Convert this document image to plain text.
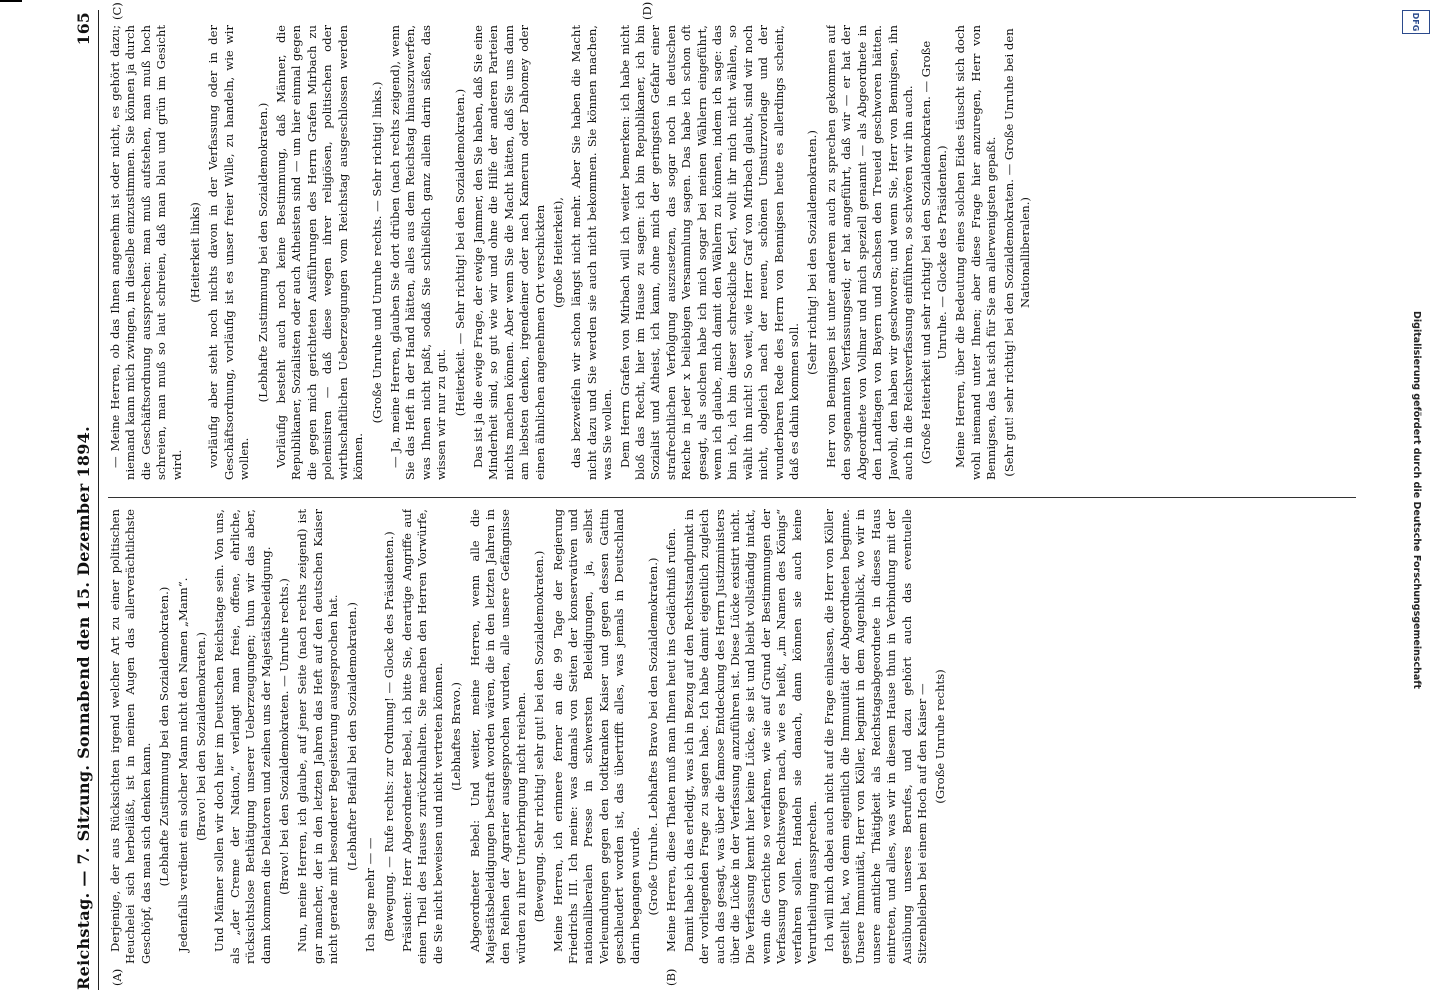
Reichstag. — 7. Sitzung. Sonnabend den 15. Dezember 1894.
165
(A)	(B)
(C)	(D)

Derjenige, der aus Rücksichten irgend welcher Art zu einer politischen Heuchelei sich herbeiläßt, ist in meinen Augen das allerverächtlichste Geschöpf, das man sich denken kann. (Lebhafte Zustimmung bei den Sozialdemokraten.) Jedenfalls verdient ein solcher Mann nicht den Namen „Mann“. (Bravo! bei den Sozialdemokraten.) Und Männer sollen wir doch hier im Deutschen Reichstage sein. Von uns, als „der Creme der Nation,“ verlangt man freie, offene, ehrliche, rücksichtslose Bethätigung unserer Ueberzeugungen; thun wir das aber, dann kommen die Delatoren und zeihen uns der Majestätsbeleidigung. (Bravo! bei den Sozialdemokraten. — Unruhe rechts.) Nun, meine Herren, ich glaube, auf jener Seite (nach rechts zeigend) ist gar mancher, der in den letzten Jahren das Heft auf den deutschen Kaiser nicht gerade mit besonderer Begeisterung ausgesprochen hat. (Lebhafter Beifall bei den Sozialdemokraten.)

Ich sage mehr — — (Bewegung. — Rufe rechts: zur Ordnung! — Glocke des Präsidenten.) Präsident: Herr Abgeordneter Bebel, ich bitte Sie, derartige Angriffe auf einen Theil des Hauses zurückzuhalten. Sie machen den Herren Vorwürfe, die Sie nicht beweisen und nicht vertreten können. (Lebhaftes Bravo.) Abgeordneter Bebel: Und weiter, meine Herren, wenn alle die Majestätsbeleidigungen bestraft worden wären, die in den letzten Jahren in den Reihen der Agrarier ausgesprochen wurden, alle unsere Gefängnisse würden zu ihrer Unterbringung nicht reichen. (Bewegung. Sehr richtig! sehr gut! bei den Sozialdemokraten.) Meine Herren, ich erinnere ferner an die 99 Tage der Regierung Friedrichs III. Ich meine: was damals von Seiten der konservativen und nationalliberalen Presse in schwersten Beleidigungen, ja, selbst Verleumdungen gegen den todtkranken Kaiser und gegen dessen Gattin geschleudert worden ist, das übertrifft alles, was jemals in Deutschland darin begangen wurde. (Große Unruhe. Lebhaftes Bravo bei den Sozialdemokraten.) Meine Herren, diese Thaten muß man Ihnen heut ins Gedächtniß rufen. Damit habe ich das erledigt, was ich in Bezug auf den Rechtsstandpunkt in der vorliegenden Frage zu sagen habe. Ich habe damit eigentlich zugleich auch das gesagt, was über die famose Entdeckung des Herrn Justizministers über die Lücke in der Verfassung anzuführen ist. Diese Lücke existirt nicht. Die Verfassung kennt hier keine Lücke, sie ist und bleibt vollständig intakt, wenn die Gerichte so verfahren, wie sie auf Grund der Bestimmungen der Verfassung von Rechtswegen nach, wie es heißt, „im Namen des Königs“ verfahren sollen. Handeln sie danach, dann können sie auch keine Verurtheilung aussprechen. Ich will mich dabei auch nicht auf die Frage einlassen, die Herr von Köller gestellt hat, wo denn eigentlich die Immunität der Abgeordneten beginne. Unsere Immunität, Herr von Köller, beginnt in dem Augenblick, wo wir in unsere amtliche Thätigkeit als Reichstagsabgeordnete in dieses Haus eintreten, und alles, was wir in diesem Hause thun in Verbindung mit der Ausübung unseres Berufes, und dazu gehört auch das eventuelle Sitzenbleiben bei einem Hoch auf den Kaiser — (Große Unruhe rechts)

— Meine Herren, ob das Ihnen angenehm ist oder nicht, es gehört dazu; niemand kann mich zwingen, in dieselbe einzustimmen. Sie können ja durch die Geschäftsordnung aussprechen: man muß aufstehen, man muß hoch schreien, man muß so laut schreien, daß man blau und grün im Gesicht wird.

(Heiterkeit links) vorläufig aber steht noch nichts davon in der Verfassung oder in der Geschäftsordnung, vorläufig ist es unser freier Wille, zu handeln, wie wir wollen.

(Lebhafte Zustimmung bei den Sozialdemokraten.) Vorläufig besteht auch noch keine Bestimmung, daß Männer, die Republikaner, Sozialisten oder auch Atheisten sind — um hier einmal gegen die gegen mich gerichteten Ausführungen des Herrn Grafen Mirbach zu polemisiren — daß diese wegen ihrer religiösen, politischen oder wirthschaftlichen Ueberzeugungen vom Reichstag ausgeschlossen werden können.

(Große Unruhe und Unruhe rechts. — Sehr richtig! links.) — Ja, meine Herren, glauben Sie dort drüben (nach rechts zeigend), wenn Sie das Heft in der Hand hätten, alles aus dem Reichstag hinauszuwerfen, was Ihnen nicht paßt, sodaß Sie schließlich ganz allein darin säßen, das wissen wir nur zu gut. (Heiterkeit. — Sehr richtig! bei den Sozialdemokraten.) Das ist ja die ewige Frage, der ewige Jammer, den Sie haben, daß Sie eine Minderheit sind, so gut wie wir und ohne die Hilfe der anderen Parteien nichts machen können. Aber wenn Sie die Macht hätten, daß Sie uns dann am liebsten denken, irgendeiner oder nach Kamerun oder Dahomey oder einen ähnlichen angenehmen Ort verschickten (große Heiterkeit), das bezweifeln wir schon längst nicht mehr. Aber Sie haben die Macht nicht dazu und Sie werden sie auch nicht bekommen. Sie können machen, was Sie wollen. Dem Herrn Grafen von Mirbach will ich weiter bemerken: ich habe nicht bloß das Recht, hier im Hause zu sagen: ich bin Republikaner, ich bin Sozialist und Atheist, ich kann, ohne mich der geringsten Gefahr einer strafrechtlichen Verfolgung auszusetzen, das sogar noch in deutschen Reiche in jeder x beliebigen Versammlung sagen. Das habe ich schon oft gesagt, als solchen habe ich mich sogar bei meinen Wählern eingeführt, wenn ich glaube, mich damit den Wählern zu können, indem ich sage: das bin ich, ich bin dieser schreckliche Kerl, wollt ihr mich nicht wählen, so wählt ihn nicht! So weit, wie Herr Graf von Mirbach glaubt, sind wir noch nicht, obgleich nach der neuen, schönen Umsturzvorlage und der wunderbaren Rede des Herrn von Bennigsen heute es allerdings scheint, daß es dahin kommen soll.

(Sehr richtig! bei den Sozialdemokraten.) Herr von Bennigsen ist unter anderem auch zu sprechen gekommen auf den sogenannten Verfassungseid; er hat angeführt, daß wir — er hat der Abgeordnete von Vollmar und mich speziell genannt — als Abgeordnete in den Landtagen von Bayern und Sachsen den Treueid geschworen hätten. Jawohl, den haben wir geschworen; und wenn Sie, Herr von Bennigsen, ihn auch in die Reichsverfassung einführen, so schwören wir ihn auch. (Große Heiterkeit und sehr richtig! bei den Sozialdemokraten. — Große Unruhe. — Glocke des Präsidenten.) Meine Herren, über die Bedeutung eines solchen Eides täuscht sich doch wohl niemand unter Ihnen; aber diese Frage hier anzuregen, Herr von Bennigsen, das hat sich für Sie am allerwenigsten gepaßt. (Sehr gut! sehr richtig! bei den Sozialdemokraten. — Große Unruhe bei den Nationalliberalen.)

Digitalisierung gefördert durch die Deutsche Forschungsgemeinschaft
DFG
